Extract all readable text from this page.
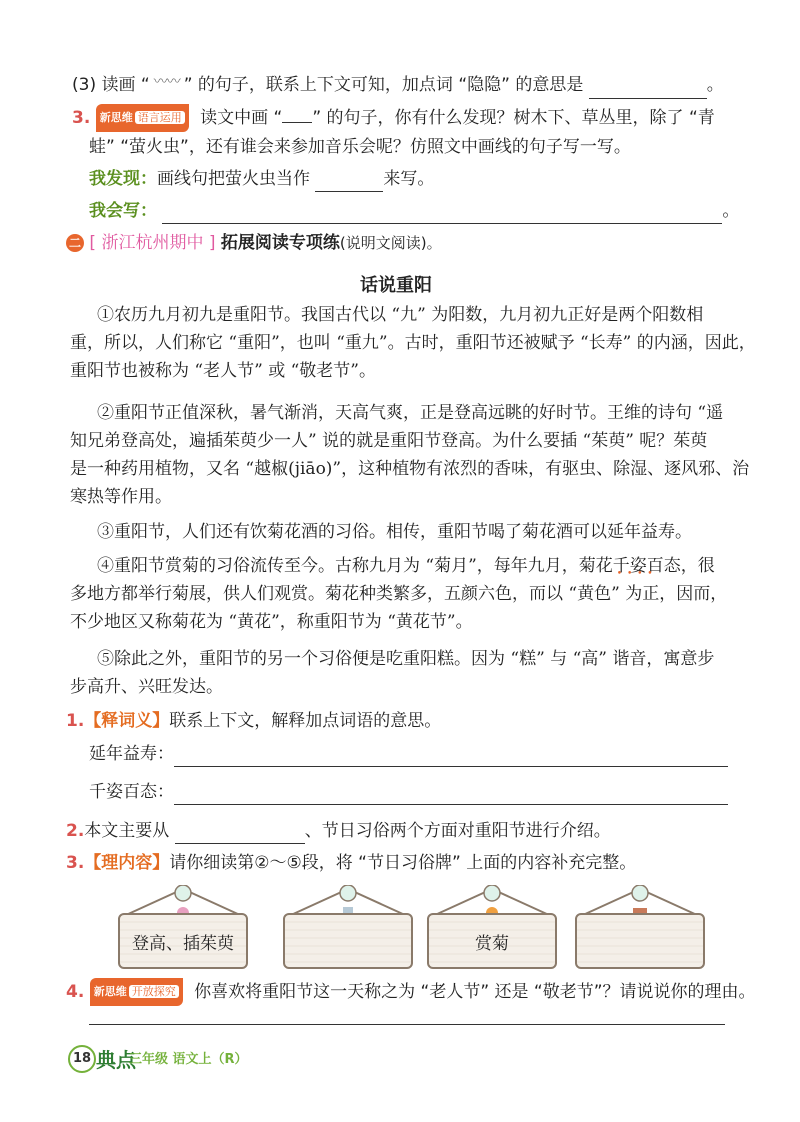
(3) 读画 “ 〰〰 ” 的句子，联系上下文可知，加点词 “隐隐” 的意思是	。
3. 新思维 语言运用 读文中画 “ ” 的句子，你有什么发现？树木下、草丛里，除了 “青
蛙” “萤火虫”，还有谁会来参加音乐会呢？仿照文中画线的句子写一写。
我发现：画线句把萤火虫当作	来写。
我会写：	。
二 [ 浙江杭州期中 ] 拓展阅读专项练(说明文阅读)。
话说重阳
①农历九月初九是重阳节。我国古代以 “九” 为阳数，九月初九正好是两个阳数相
重，所以，人们称它 “重阳”，也叫 “重九”。古时，重阳节还被赋予 “长寿” 的内涵，因此，
重阳节也被称为 “老人节” 或 “敬老节”。
②重阳节正值深秋，暑气渐消，天高气爽，正是登高远眺的好时节。王维的诗句 “遥
知兄弟登高处，遍插茱萸少一人” 说的就是重阳节登高。为什么要插 “茱萸” 呢？茱萸
是一种药用植物，又名 “越椒(jiāo)”，这种植物有浓烈的香味，有驱虫、除湿、逐风邪、治
寒热等作用。
③重阳节，人们还有饮菊花酒的习俗。相传，重阳节喝了菊花酒可以延年益寿。
④重阳节赏菊的习俗流传至今。古称九月为 “菊月”，每年九月，菊花千姿百态 • • • •，很
多地方都举行菊展，供人们观赏。菊花种类繁多，五颜六色，而以 “黄色” 为正，因而，
不少地区又称菊花为 “黄花”，称重阳节为 “黄花节”。
⑤除此之外，重阳节的另一个习俗便是吃重阳糕。因为 “糕” 与 “高” 谐音，寓意步
步高升、兴旺发达。
1.【释词义】联系上下文，解释加点词语的意思。
延年益寿：
千姿百态：
2.本文主要从	、节日习俗两个方面对重阳节进行介绍。
3.【理内容】请你细读第②～⑤段，将 “节日习俗牌” 上面的内容补充完整。
登高、插茱萸	赏菊
4. 新思维 开放探究 你喜欢将重阳节这一天称之为 “老人节” 还是 “敬老节”？请说说你的理由。
18 典点
三年级 语文上（R）
